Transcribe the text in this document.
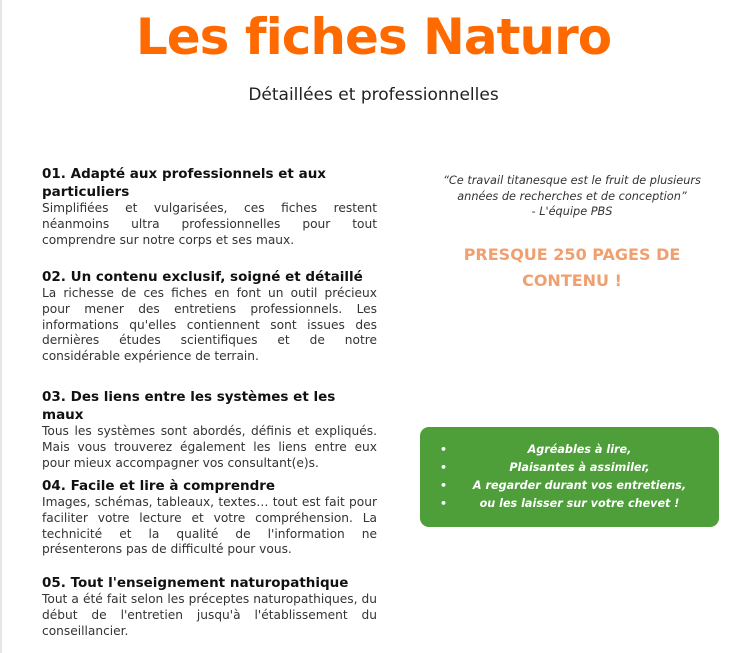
Les fiches Naturo
Détaillées et professionnelles
01. Adapté aux professionnels et aux particuliers

Simplifiées et vulgarisées, ces fiches restent néanmoins ultra professionnelles pour tout comprendre sur notre corps et ses maux.

02. Un contenu exclusif, soigné et détaillé

La richesse de ces fiches en font un outil précieux pour mener des entretiens professionnels. Les informations qu'elles contiennent sont issues des dernières études scientifiques et de notre considérable expérience de terrain.

03. Des liens entre les systèmes et les maux

Tous les systèmes sont abordés, définis et expliqués. Mais vous trouverez également les liens entre eux pour mieux accompagner vos consultant(e)s.

04. Facile et lire à comprendre

Images, schémas, tableaux, textes… tout est fait pour faciliter votre lecture et votre compréhension. La technicité et la qualité de l'information ne présenterons pas de difficulté pour vous.

05. Tout l'enseignement naturopathique

Tout a été fait selon les préceptes naturopathiques, du début de l'entretien jusqu'à l'établissement du conseillancier.

“Ce travail titanesque est le fruit de plusieurs
années de recherches et de conception”
- L'équipe PBS
PRESQUE 250 PAGES DE
CONTENU !
•	Agréables à lire,
•	Plaisantes à assimiler,
• A regarder durant vos entretiens,
•	ou les laisser sur votre chevet !
